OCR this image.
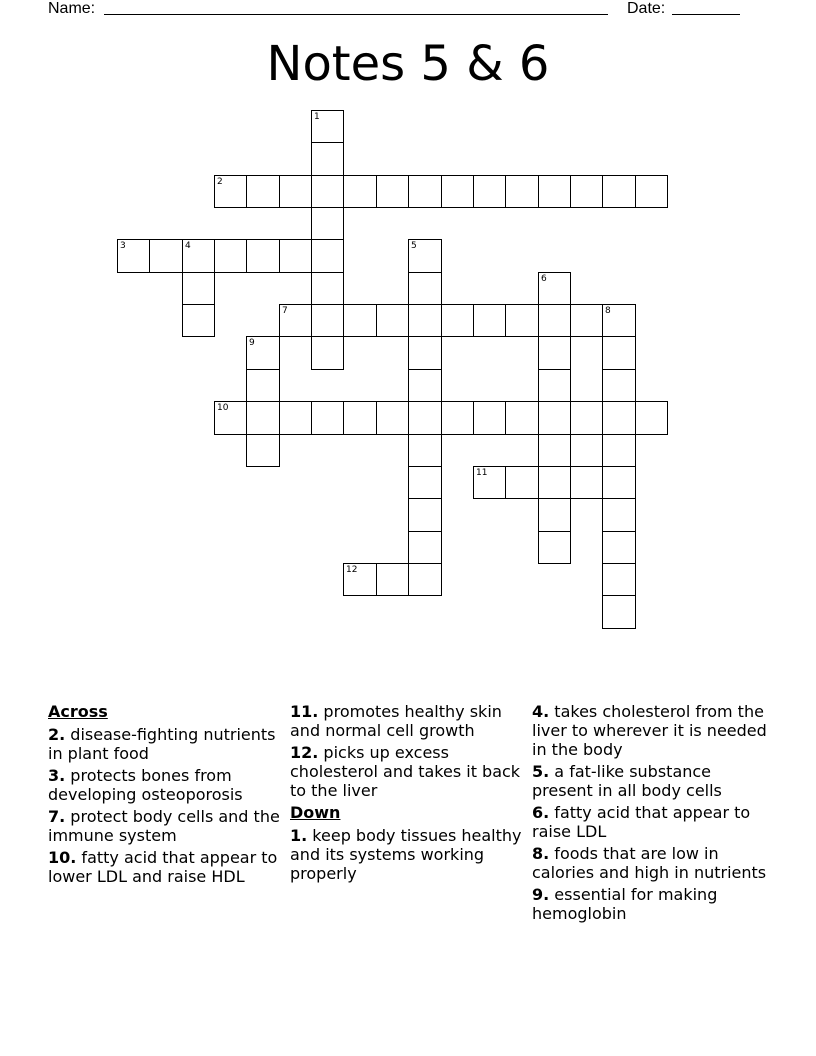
Name:	Date:
Notes 5 & 6
1
2
3	4	5
6
7	8
9
10
11
12
Across
2. disease-fighting nutrients in plant food
3. protects bones from developing osteoporosis
7. protect body cells and the immune system
10. fatty acid that appear to lower LDL and raise HDL
11. promotes healthy skin and normal cell growth
12. picks up excess cholesterol and takes it back to the liver
Down
1. keep body tissues healthy and its systems working properly
4. takes cholesterol from the liver to wherever it is needed in the body
5. a fat-like substance present in all body cells
6. fatty acid that appear to raise LDL
8. foods that are low in calories and high in nutrients
9. essential for making hemoglobin
